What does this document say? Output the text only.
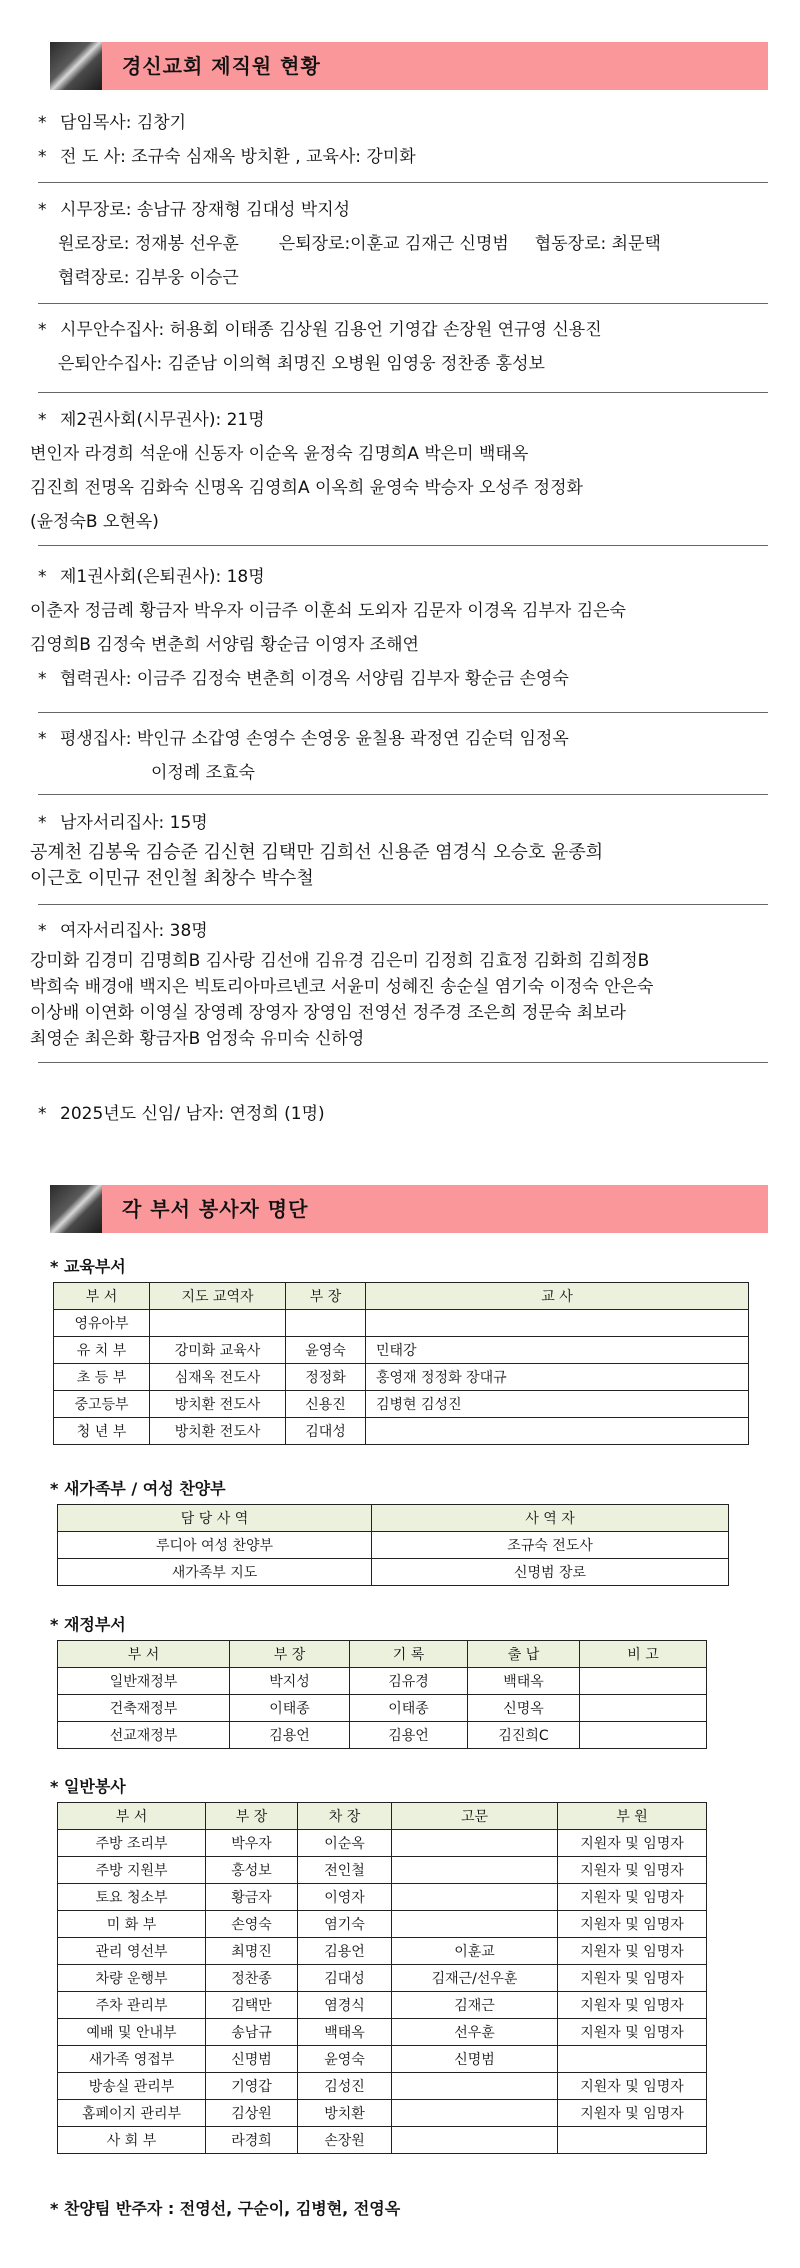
경신교회 제직원 현황

* 담임목사: 김창기

* 전 도 사: 조규숙 심재옥 방치환 , 교육사: 강미화

* 시무장로: 송남규 장재형 김대성 박지성

원로장로: 정재봉 선우훈 은퇴장로:이훈교 김재근 신명범 협동장로: 최문택

협력장로: 김부웅 이승근

* 시무안수집사: 허용회 이태종 김상원 김용언 기영갑 손장원 연규영 신용진

은퇴안수집사: 김준남 이의혁 최명진 오병원 임영웅 정찬종 홍성보

* 제2권사회(시무권사): 21명

변인자 라경희 석운애 신동자 이순옥 윤정숙 김명희A 박은미 백태옥

김진희 전명옥 김화숙 신명옥 김영희A 이옥희 윤영숙 박승자 오성주 정정화

(윤정숙B 오현옥)

* 제1권사회(은퇴권사): 18명

이춘자 정금례 황금자 박우자 이금주 이훈쇠 도외자 김문자 이경옥 김부자 김은숙

김영희B 김정숙 변춘희 서양림 황순금 이영자 조해연

* 협력권사: 이금주 김정숙 변춘희 이경옥 서양림 김부자 황순금 손영숙

* 평생집사: 박인규 소갑영 손영수 손영웅 윤칠용 곽정연 김순덕 임정옥

이정례 조효숙

* 남자서리집사: 15명

공계천 김봉욱 김승준 김신현 김택만 김희선 신용준 염경식 오승호 윤종희

이근호 이민규 전인철 최창수 박수철

* 여자서리집사: 38명

강미화 김경미 김명희B 김사랑 김선애 김유경 김은미 김정희 김효정 김화희 김희정B

박희숙 배경애 백지은 빅토리아마르넨코 서윤미 성혜진 송순실 염기숙 이정숙 안은숙

이상배 이연화 이영실 장영례 장영자 장영임 전영선 정주경 조은희 정문숙 최보라

최영순 최은화 황금자B 엄정숙 유미숙 신하영

* 2025년도 신임/ 남자: 연정희 (1명)

각 부서 봉사자 명단
* 교육부서
부 서	지도 교역자	부 장	교 사
영유아부			
유 치 부	강미화 교육사	윤영숙	민태강
초 등 부	심재옥 전도사	정정화	홍영재 정정화 장대규
중고등부	방치환 전도사	신용진	김병현 김성진
청 년 부	방치환 전도사	김대성	
* 새가족부 / 여성 찬양부
담 당 사 역	사 역 자
루디아 여성 찬양부	조규숙 전도사
새가족부 지도	신명범 장로
* 재정부서
부 서	부 장	기 록	출 납	비 고
일반재정부	박지성	김유경	백태옥	
건축재정부	이태종	이태종	신명옥	
선교재정부	김용언	김용언	김진희C	
* 일반봉사
부 서	부 장	차 장	고문	부 원
주방 조리부	박우자	이순옥		지원자 및 임명자
주방 지원부	홍성보	전인철		지원자 및 임명자
토요 청소부	황금자	이영자		지원자 및 임명자
미 화 부	손영숙	염기숙		지원자 및 임명자
관리 영선부	최명진	김용언	이훈교	지원자 및 임명자
차량 운행부	정찬종	김대성	김재근/선우훈	지원자 및 임명자
주차 관리부	김택만	염경식	김재근	지원자 및 임명자
예배 및 안내부	송남규	백태옥	선우훈	지원자 및 임명자
새가족 영접부	신명범	윤영숙	신명범	
방송실 관리부	기영갑	김성진		지원자 및 임명자
홈페이지 관리부	김상원	방치환		지원자 및 임명자
사 회 부	라경희	손장원		
* 찬양팀 반주자 : 전영선, 구순이, 김병현, 전영옥
